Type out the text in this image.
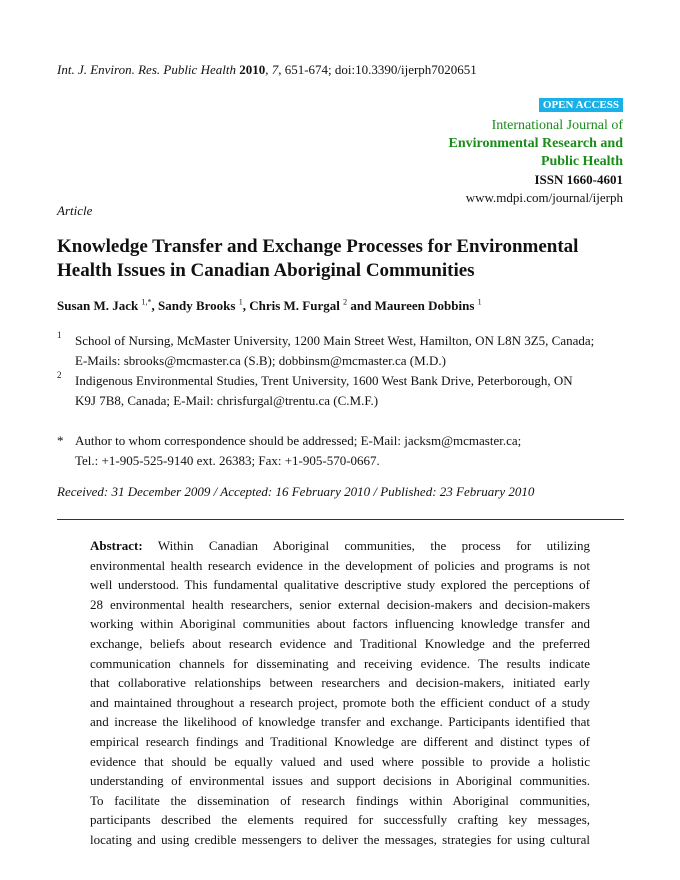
Int. J. Environ. Res. Public Health 2010, 7, 651-674; doi:10.3390/ijerph7020651
OPEN ACCESS
International Journal of
Environmental Research and
Public Health
ISSN 1660-4601
www.mdpi.com/journal/ijerph
Article
Knowledge Transfer and Exchange Processes for Environmental Health Issues in Canadian Aboriginal Communities
Susan M. Jack $^{1,*}$, Sandy Brooks $^1$, Chris M. Furgal $^2$ and Maureen Dobbins $^1$
1 School of Nursing, McMaster University, 1200 Main Street West, Hamilton, ON L8N 3Z5, Canada;
E-Mails: sbrooks@mcmaster.ca (S.B); dobbinsm@mcmaster.ca (M.D.)
2 Indigenous Environmental Studies, Trent University, 1600 West Bank Drive, Peterborough, ON
K9J 7B8, Canada; E-Mail: chrisfurgal@trentu.ca (C.M.F.)
* Author to whom correspondence should be addressed; E-Mail: jacksm@mcmaster.ca;
Tel.: +1-905-525-9140 ext. 26383; Fax: +1-905-570-0667.
Received: 31 December 2009 / Accepted: 16 February 2010 / Published: 23 February 2010
Abstract: Within Canadian Aboriginal communities, the process for utilizing
environmental health research evidence in the development of policies and programs is not
well understood. This fundamental qualitative descriptive study explored the perceptions of
28 environmental health researchers, senior external decision-makers and decision-makers
working within Aboriginal communities about factors influencing knowledge transfer and
exchange, beliefs about research evidence and Traditional Knowledge and the preferred
communication channels for disseminating and receiving evidence. The results indicate
that collaborative relationships between researchers and decision-makers, initiated early
and maintained throughout a research project, promote both the efficient conduct of a study
and increase the likelihood of knowledge transfer and exchange. Participants identified that
empirical research findings and Traditional Knowledge are different and distinct types of
evidence that should be equally valued and used where possible to provide a holistic
understanding of environmental issues and support decisions in Aboriginal communities.
To facilitate the dissemination of research findings within Aboriginal communities,
participants described the elements required for successfully crafting key messages,
locating and using credible messengers to deliver the messages, strategies for using cultural
